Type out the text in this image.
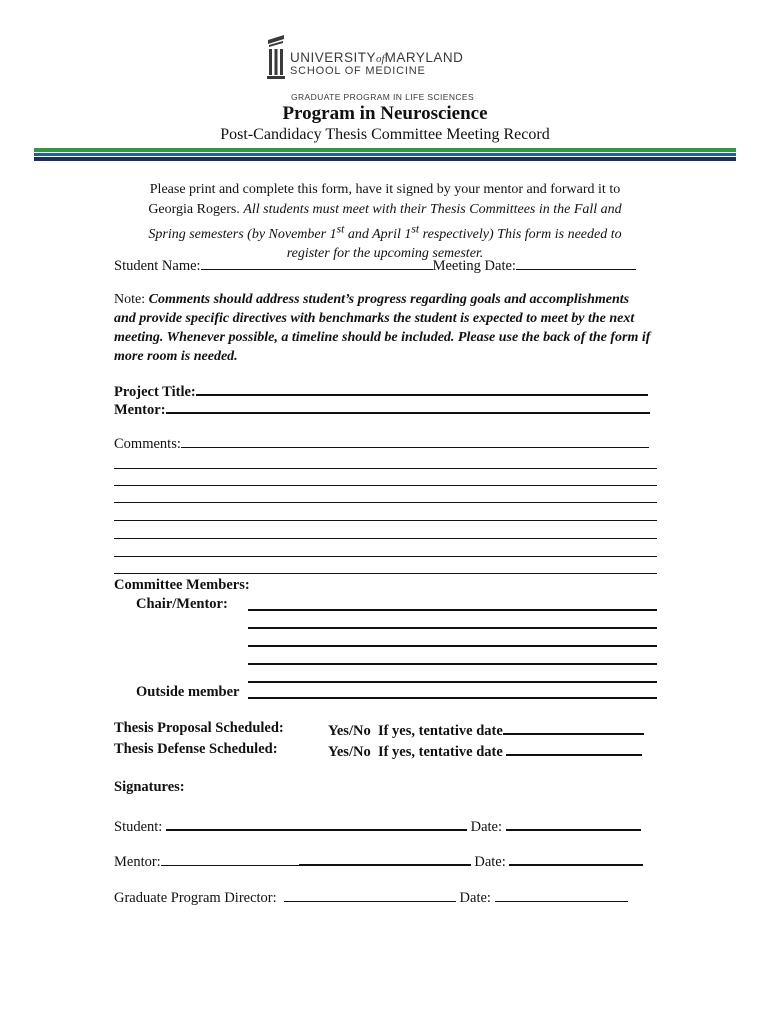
UNIVERSITYofMARYLAND
SCHOOL OF MEDICINE
GRADUATE PROGRAM IN LIFE SCIENCES
Program in Neuroscience
Post-Candidacy Thesis Committee Meeting Record
Please print and complete this form, have it signed by your mentor and forward it to
Georgia Rogers. All students must meet with their Thesis Committees in the Fall and
Spring semesters (by November 1st and April 1st respectively) This form is needed to
register for the upcoming semester.
Student Name:	Meeting Date:
Note: Comments should address student’s progress regarding goals and accomplishments and provide specific directives with benchmarks the student is expected to meet by the next meeting. Whenever possible, a timeline should be included. Please use the back of the form if more room is needed.
Project Title:
Mentor:
Comments:
Committee Members:
Chair/Mentor:
Outside member
Thesis Proposal Scheduled:	Yes/No If yes, tentative date
Thesis Defense Scheduled:	Yes/No If yes, tentative date
Signatures:
Student:	Date:
Mentor:	Date:
Graduate Program Director:	Date:
